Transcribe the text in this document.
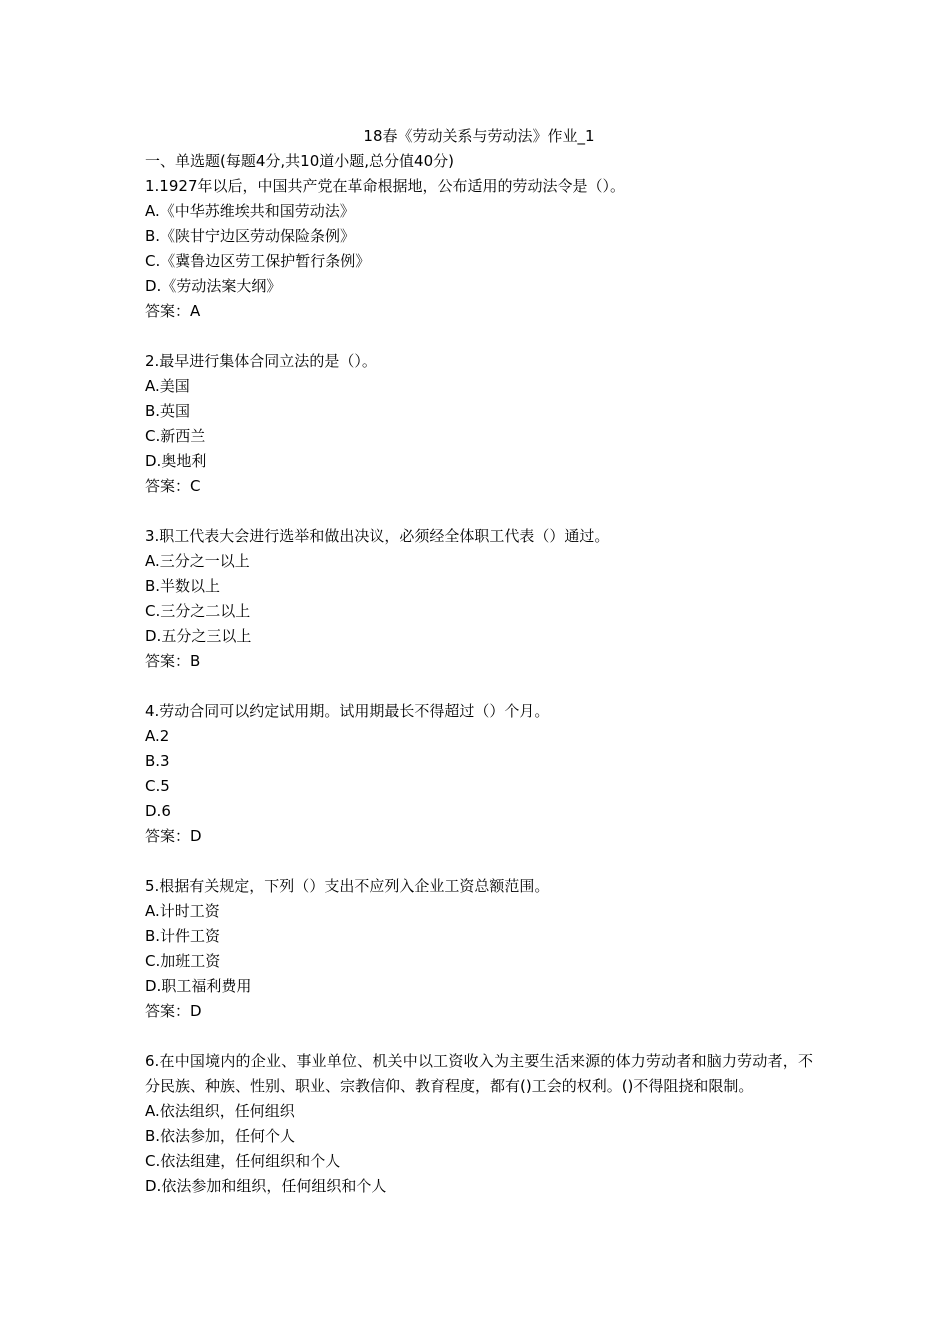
18春《劳动关系与劳动法》作业_1

一、单选题(每题4分,共10道小题,总分值40分)

1.1927年以后，中国共产党在革命根据地，公布适用的劳动法令是（）。

A.《中华苏维埃共和国劳动法》

B.《陕甘宁边区劳动保险条例》

C.《冀鲁边区劳工保护暂行条例》

D.《劳动法案大纲》

答案：A

2.最早进行集体合同立法的是（）。

A.美国

B.英国

C.新西兰

D.奥地利

答案：C

3.职工代表大会进行选举和做出决议，必须经全体职工代表（）通过。

A.三分之一以上

B.半数以上

C.三分之二以上

D.五分之三以上

答案：B

4.劳动合同可以约定试用期。试用期最长不得超过（）个月。

A.2

B.3

C.5

D.6

答案：D

5.根据有关规定，下列（）支出不应列入企业工资总额范围。

A.计时工资

B.计件工资

C.加班工资

D.职工福利费用

答案：D

6.在中国境内的企业、事业单位、机关中以工资收入为主要生活来源的体力劳动者和脑力劳动者，不分民族、种族、性别、职业、宗教信仰、教育程度，都有()工会的权利。()不得阻挠和限制。

A.依法组织，任何组织

B.依法参加，任何个人

C.依法组建，任何组织和个人

D.依法参加和组织，任何组织和个人
